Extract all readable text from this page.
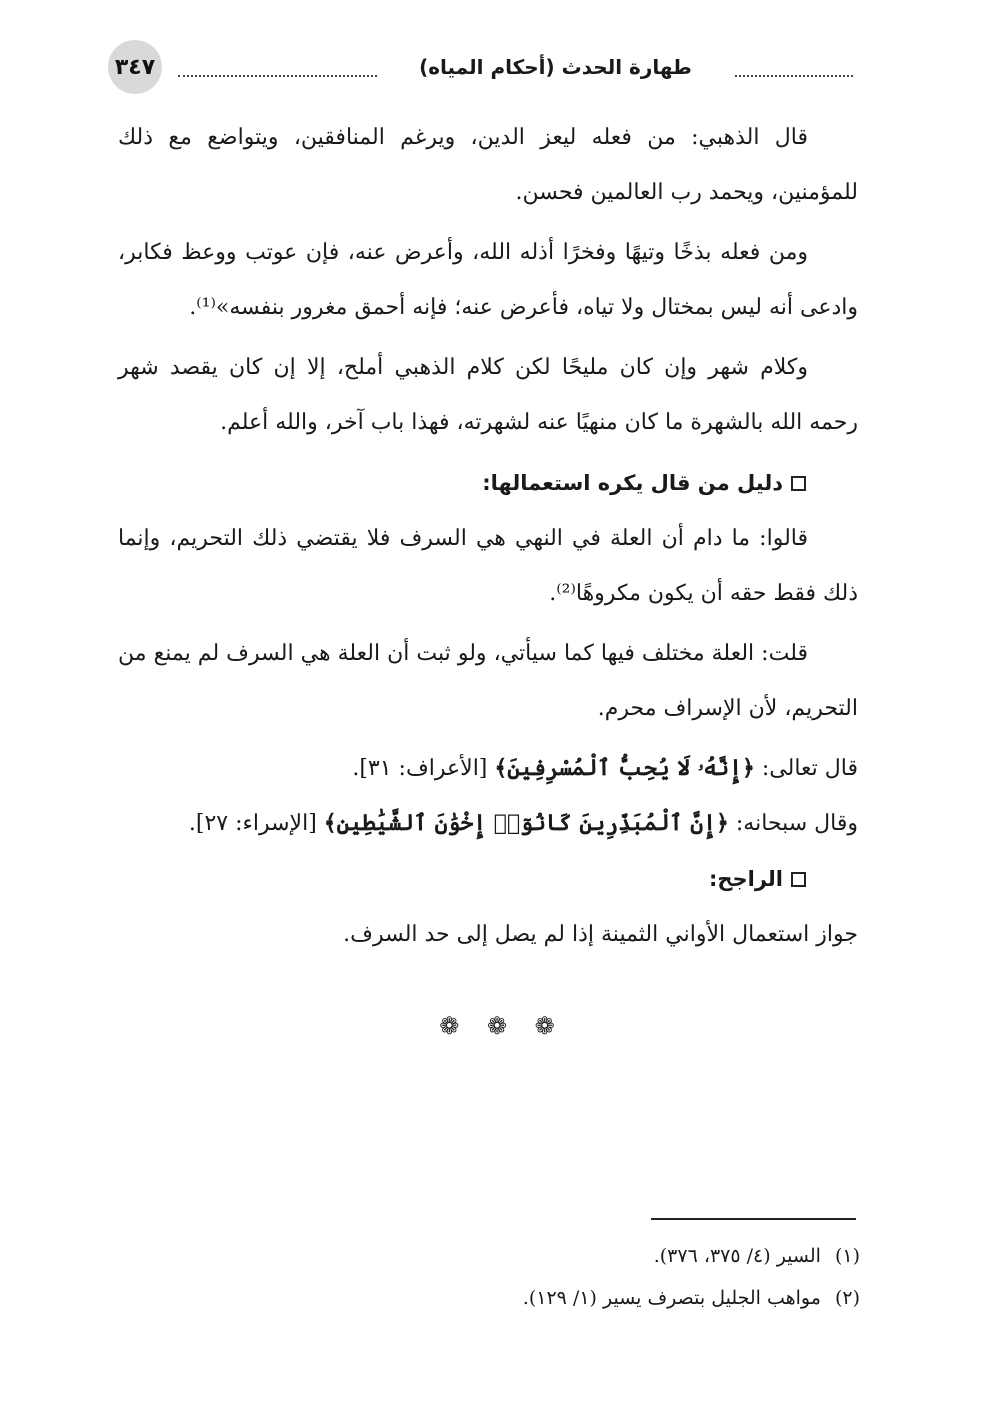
٣٤٧	طهارة الحدث (أحكام المياه)

قال الذهبي: من فعله ليعز الدين، ويرغم المنافقين، ويتواضع مع ذلك للمؤمنين، ويحمد رب العالمين فحسن.

ومن فعله بذخًا وتيهًا وفخرًا أذله الله، وأعرض عنه، فإن عوتب ووعظ فكابر، وادعى أنه ليس بمختال ولا تياه، فأعرض عنه؛ فإنه أحمق مغرور بنفسه»⁽¹⁾.

وكلام شهر وإن كان مليحًا لكن كلام الذهبي أملح، إلا إن كان يقصد شهر رحمه الله بالشهرة ما كان منهيًا عنه لشهرته، فهذا باب آخر، والله أعلم.

دليل من قال يكره استعمالها:

قالوا: ما دام أن العلة في النهي هي السرف فلا يقتضي ذلك التحريم، وإنما ذلك فقط حقه أن يكون مكروهًا⁽²⁾.

قلت: العلة مختلف فيها كما سيأتي، ولو ثبت أن العلة هي السرف لم يمنع من التحريم، لأن الإسراف محرم.

قال تعالى: ﴿إِنَّهُۥ لَا يُحِبُّ ٱلْمُسْرِفِينَ﴾ [الأعراف: ٣١].

وقال سبحانه: ﴿إِنَّ ٱلْمُبَذِّرِينَ كَانُوٓا۟ إِخْوَٰنَ ٱلشَّيَٰطِينِ﴾ [الإسراء: ٢٧].

الراجح:

جواز استعمال الأواني الثمينة إذا لم يصل إلى حد السرف.

❁ ❁ ❁
(١)السير (٤/ ٣٧٥، ٣٧٦).
(٢)مواهب الجليل بتصرف يسير (١/ ١٢٩).
